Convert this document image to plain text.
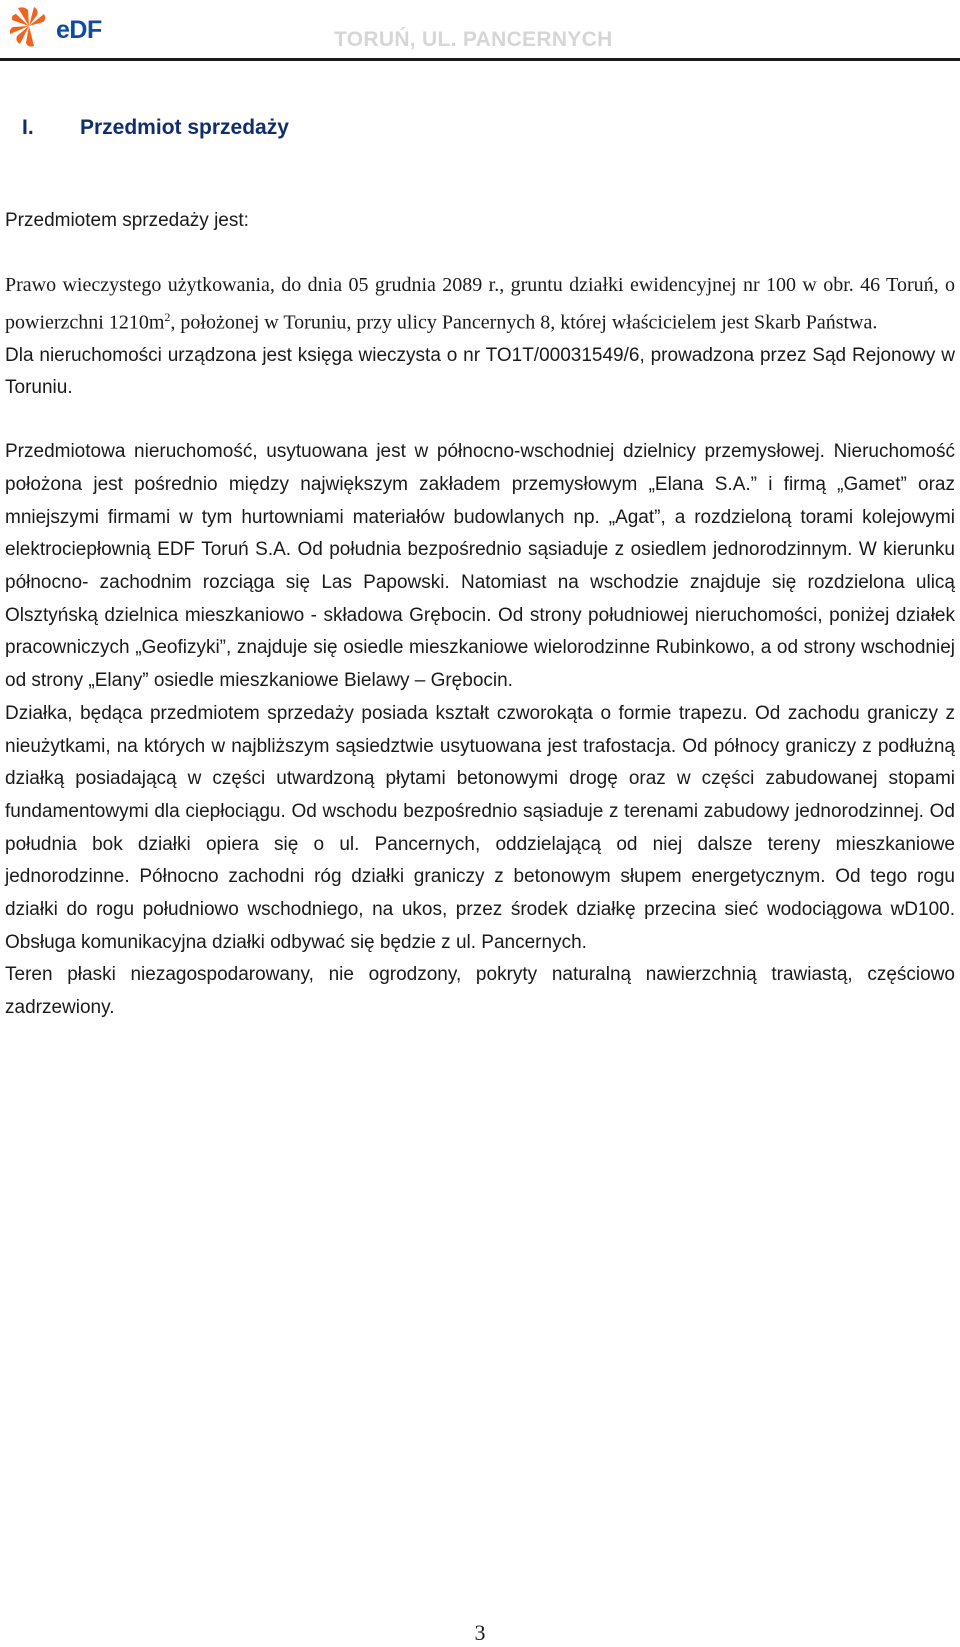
eDF	TORUŃ, UL. PANCERNYCH
I. Przedmiot sprzedaży

Przedmiotem sprzedaży jest:

Prawo wieczystego użytkowania, do dnia 05 grudnia 2089 r., gruntu działki ewidencyjnej nr 100 w obr. 46 Toruń, o powierzchni $1210m^2$, położonej w Toruniu, przy ulicy Pancernych 8, której właścicielem jest Skarb Państwa.

Dla nieruchomości urządzona jest księga wieczysta o nr TO1T/00031549/6, prowadzona przez Sąd Rejonowy w Toruniu.

Przedmiotowa nieruchomość, usytuowana jest w północno-wschodniej dzielnicy przemysłowej. Nieruchomość położona jest pośrednio między największym zakładem przemysłowym „Elana S.A.” i firmą „Gamet” oraz mniejszymi firmami w tym hurtowniami materiałów budowlanych np. „Agat”, a rozdzieloną torami kolejowymi elektrociepłownią EDF Toruń S.A. Od południa bezpośrednio sąsiaduje z osiedlem jednorodzinnym. W kierunku północno- zachodnim rozciąga się Las Papowski. Natomiast na wschodzie znajduje się rozdzielona ulicą Olsztyńską dzielnica mieszkaniowo - składowa Grębocin. Od strony południowej nieruchomości, poniżej działek pracowniczych „Geofizyki”, znajduje się osiedle mieszkaniowe wielorodzinne Rubinkowo, a od strony wschodniej od strony „Elany” osiedle mieszkaniowe Bielawy – Grębocin.

Działka, będąca przedmiotem sprzedaży posiada kształt czworokąta o formie trapezu. Od zachodu graniczy z nieużytkami, na których w najbliższym sąsiedztwie usytuowana jest trafostacja. Od północy graniczy z podłużną działką posiadającą w części utwardzoną płytami betonowymi drogę oraz w części zabudowanej stopami fundamentowymi dla ciepłociągu. Od wschodu bezpośrednio sąsiaduje z terenami zabudowy jednorodzinnej. Od południa bok działki opiera się o ul. Pancernych, oddzielającą od niej dalsze tereny mieszkaniowe jednorodzinne. Północno zachodni róg działki graniczy z betonowym słupem energetycznym. Od tego rogu działki do rogu południowo wschodniego, na ukos, przez środek działkę przecina sieć wodociągowa wD100. Obsługa komunikacyjna działki odbywać się będzie z ul. Pancernych.

Teren płaski niezagospodarowany, nie ogrodzony, pokryty naturalną nawierzchnią trawiastą, częściowo zadrzewiony.

3
